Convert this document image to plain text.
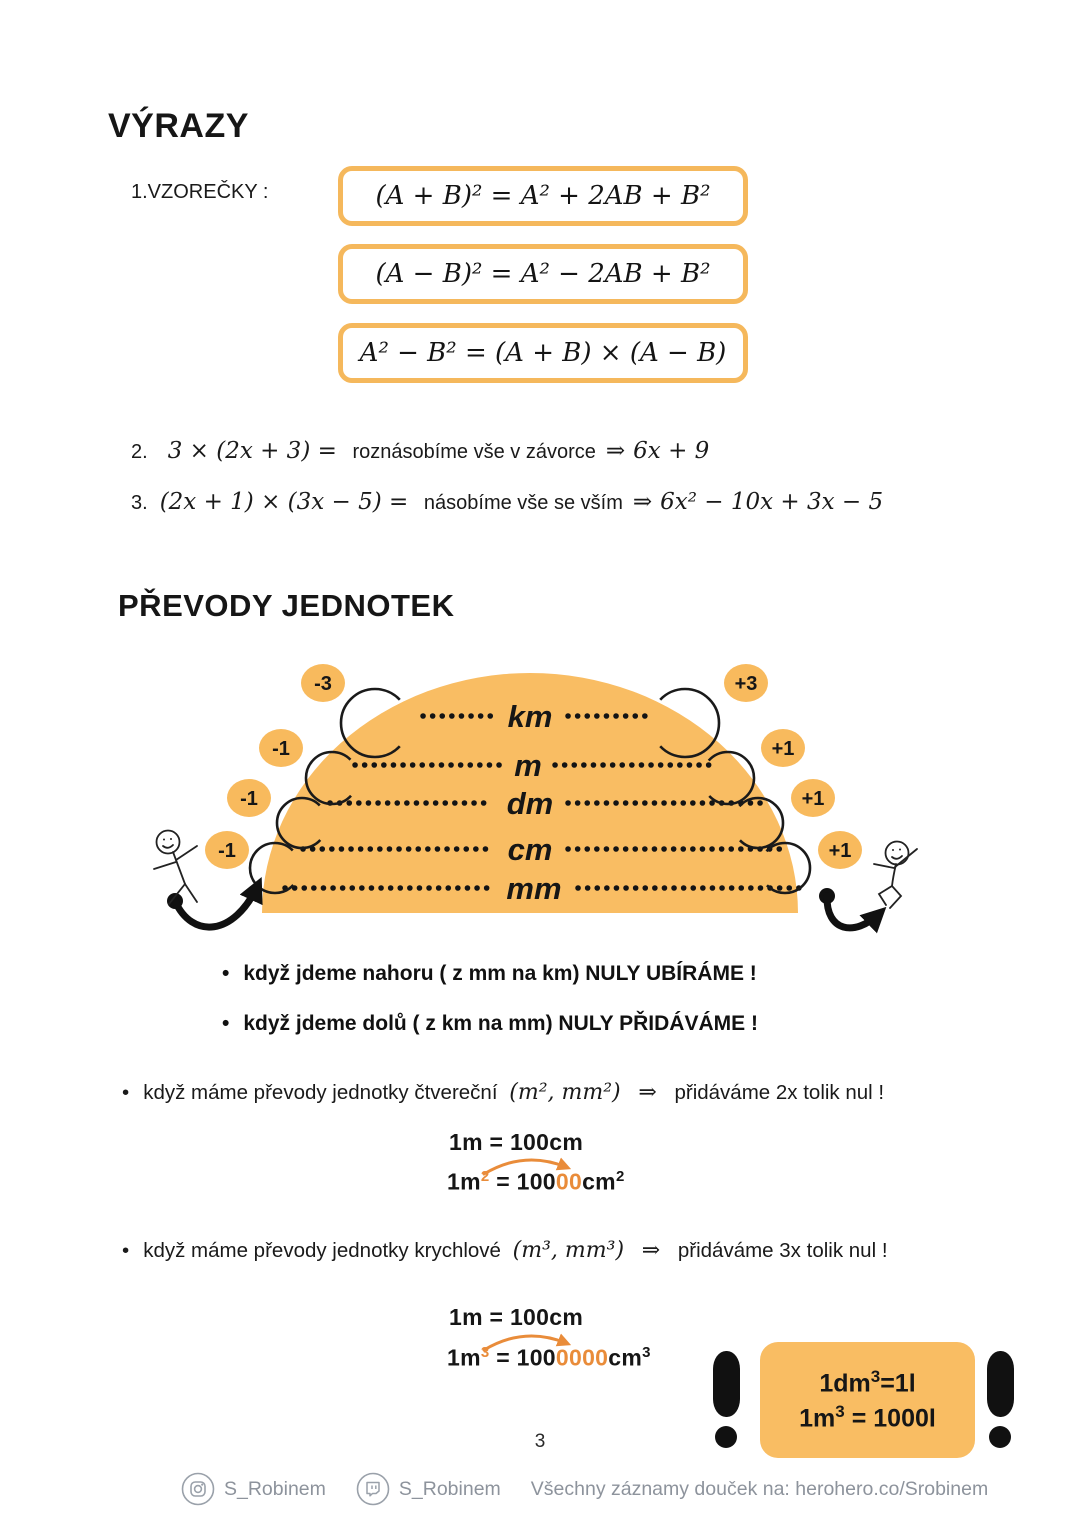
VÝRAZY
1.VZOREČKY :	(A + B)² = A² + 2AB + B²
(A − B)² = A² − 2AB + B²
A² − B² = (A + B) × (A − B)
2. 3 × (2x + 3) = roznásobíme vše v závorce ⇒ 6x + 9
3. (2x + 1) × (3x − 5) = násobíme vše se vším ⇒ 6x² − 10x + 3x − 5
PŘEVODY JEDNOTEK
km
m
dm
cm
mm
-3
-1
-1
-1
+3
+1
+1
+1
• když jdeme nahoru ( z mm na km) NULY UBÍRÁME !
• když jdeme dolů ( z km na mm) NULY PŘIDÁVÁME !
• když máme převody jednotky čtvereční (m², mm²) ⇒ přidáváme 2x tolik nul !
1m = 100cm
$1m^2 = 10000cm^2$
• když máme převody jednotky krychlové (m³, mm³) ⇒ přidáváme 3x tolik nul !
1m = 100cm
$1m^3 = 1000000cm^3$
$1dm^3=1l$
$1m^3 = 1000l$
3
S_Robinem	S_Robinem Všechny záznamy douček na: herohero.co/Srobinem
